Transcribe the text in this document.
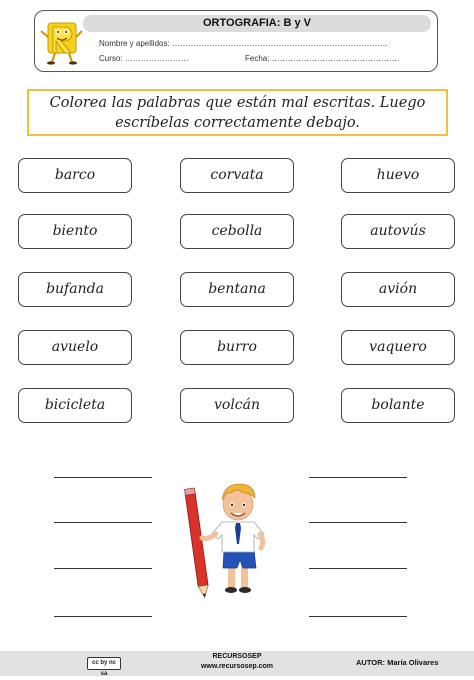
ORTOGRAFIA: B y V
Nombre y apellidos: ………………………………………………………………………
Curso: ……………………	Fecha: …………………………………………
Colorea las palabras que están mal escritas. Luego
escríbelas correctamente debajo.
barco
biento
bufanda
avuelo
bicicleta
corvata
cebolla
bentana
burro
volcán
huevo
autovús
avión
vaquero
bolante
cc by nc sa
RECURSOSEP
www.recursosep.com	AUTOR: María Olivares
